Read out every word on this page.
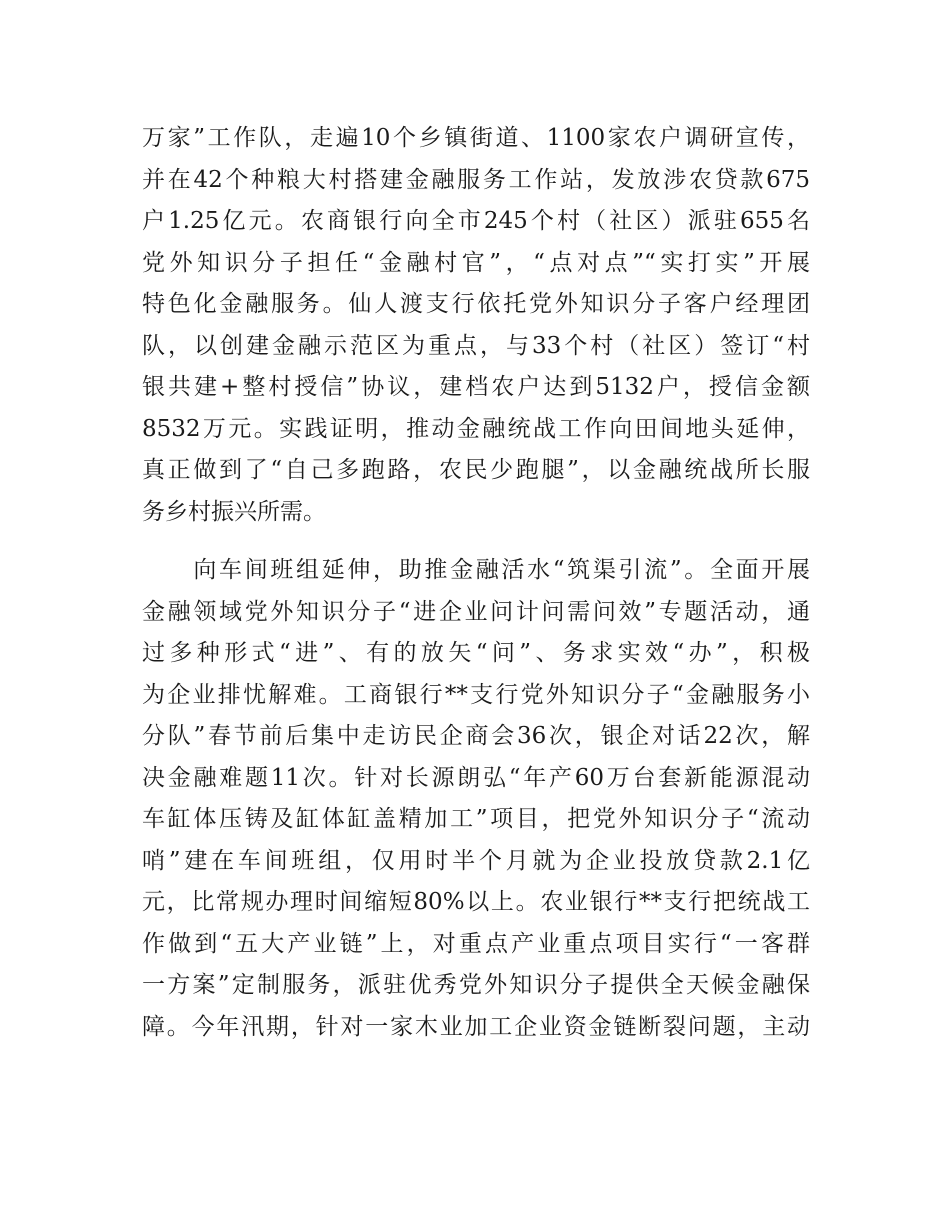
万家”工作队，走遍10个乡镇街道、1100家农户调研宣传，
并在42个种粮大村搭建金融服务工作站，发放涉农贷款675
户1.25亿元。农商银行向全市245个村（社区）派驻655名
党外知识分子担任“金融村官”，“点对点”“实打实”开展
特色化金融服务。仙人渡支行依托党外知识分子客户经理团
队，以创建金融示范区为重点，与33个村（社区）签订“村
银共建+整村授信”协议，建档农户达到5132户，授信金额
8532万元。实践证明，推动金融统战工作向田间地头延伸，
真正做到了“自己多跑路，农民少跑腿”，以金融统战所长服
务乡村振兴所需。
　　向车间班组延伸，助推金融活水“筑渠引流”。全面开展
金融领域党外知识分子“进企业问计问需问效”专题活动，通
过多种形式“进”、有的放矢“问”、务求实效“办”，积极
为企业排忧解难。工商银行**支行党外知识分子“金融服务小
分队”春节前后集中走访民企商会36次，银企对话22次，解
决金融难题11次。针对长源朗弘“年产60万台套新能源混动
车缸体压铸及缸体缸盖精加工”项目，把党外知识分子“流动
哨”建在车间班组，仅用时半个月就为企业投放贷款2.1亿
元，比常规办理时间缩短80%以上。农业银行**支行把统战工
作做到“五大产业链”上，对重点产业重点项目实行“一客群
一方案”定制服务，派驻优秀党外知识分子提供全天候金融保
障。今年汛期，针对一家木业加工企业资金链断裂问题，主动
